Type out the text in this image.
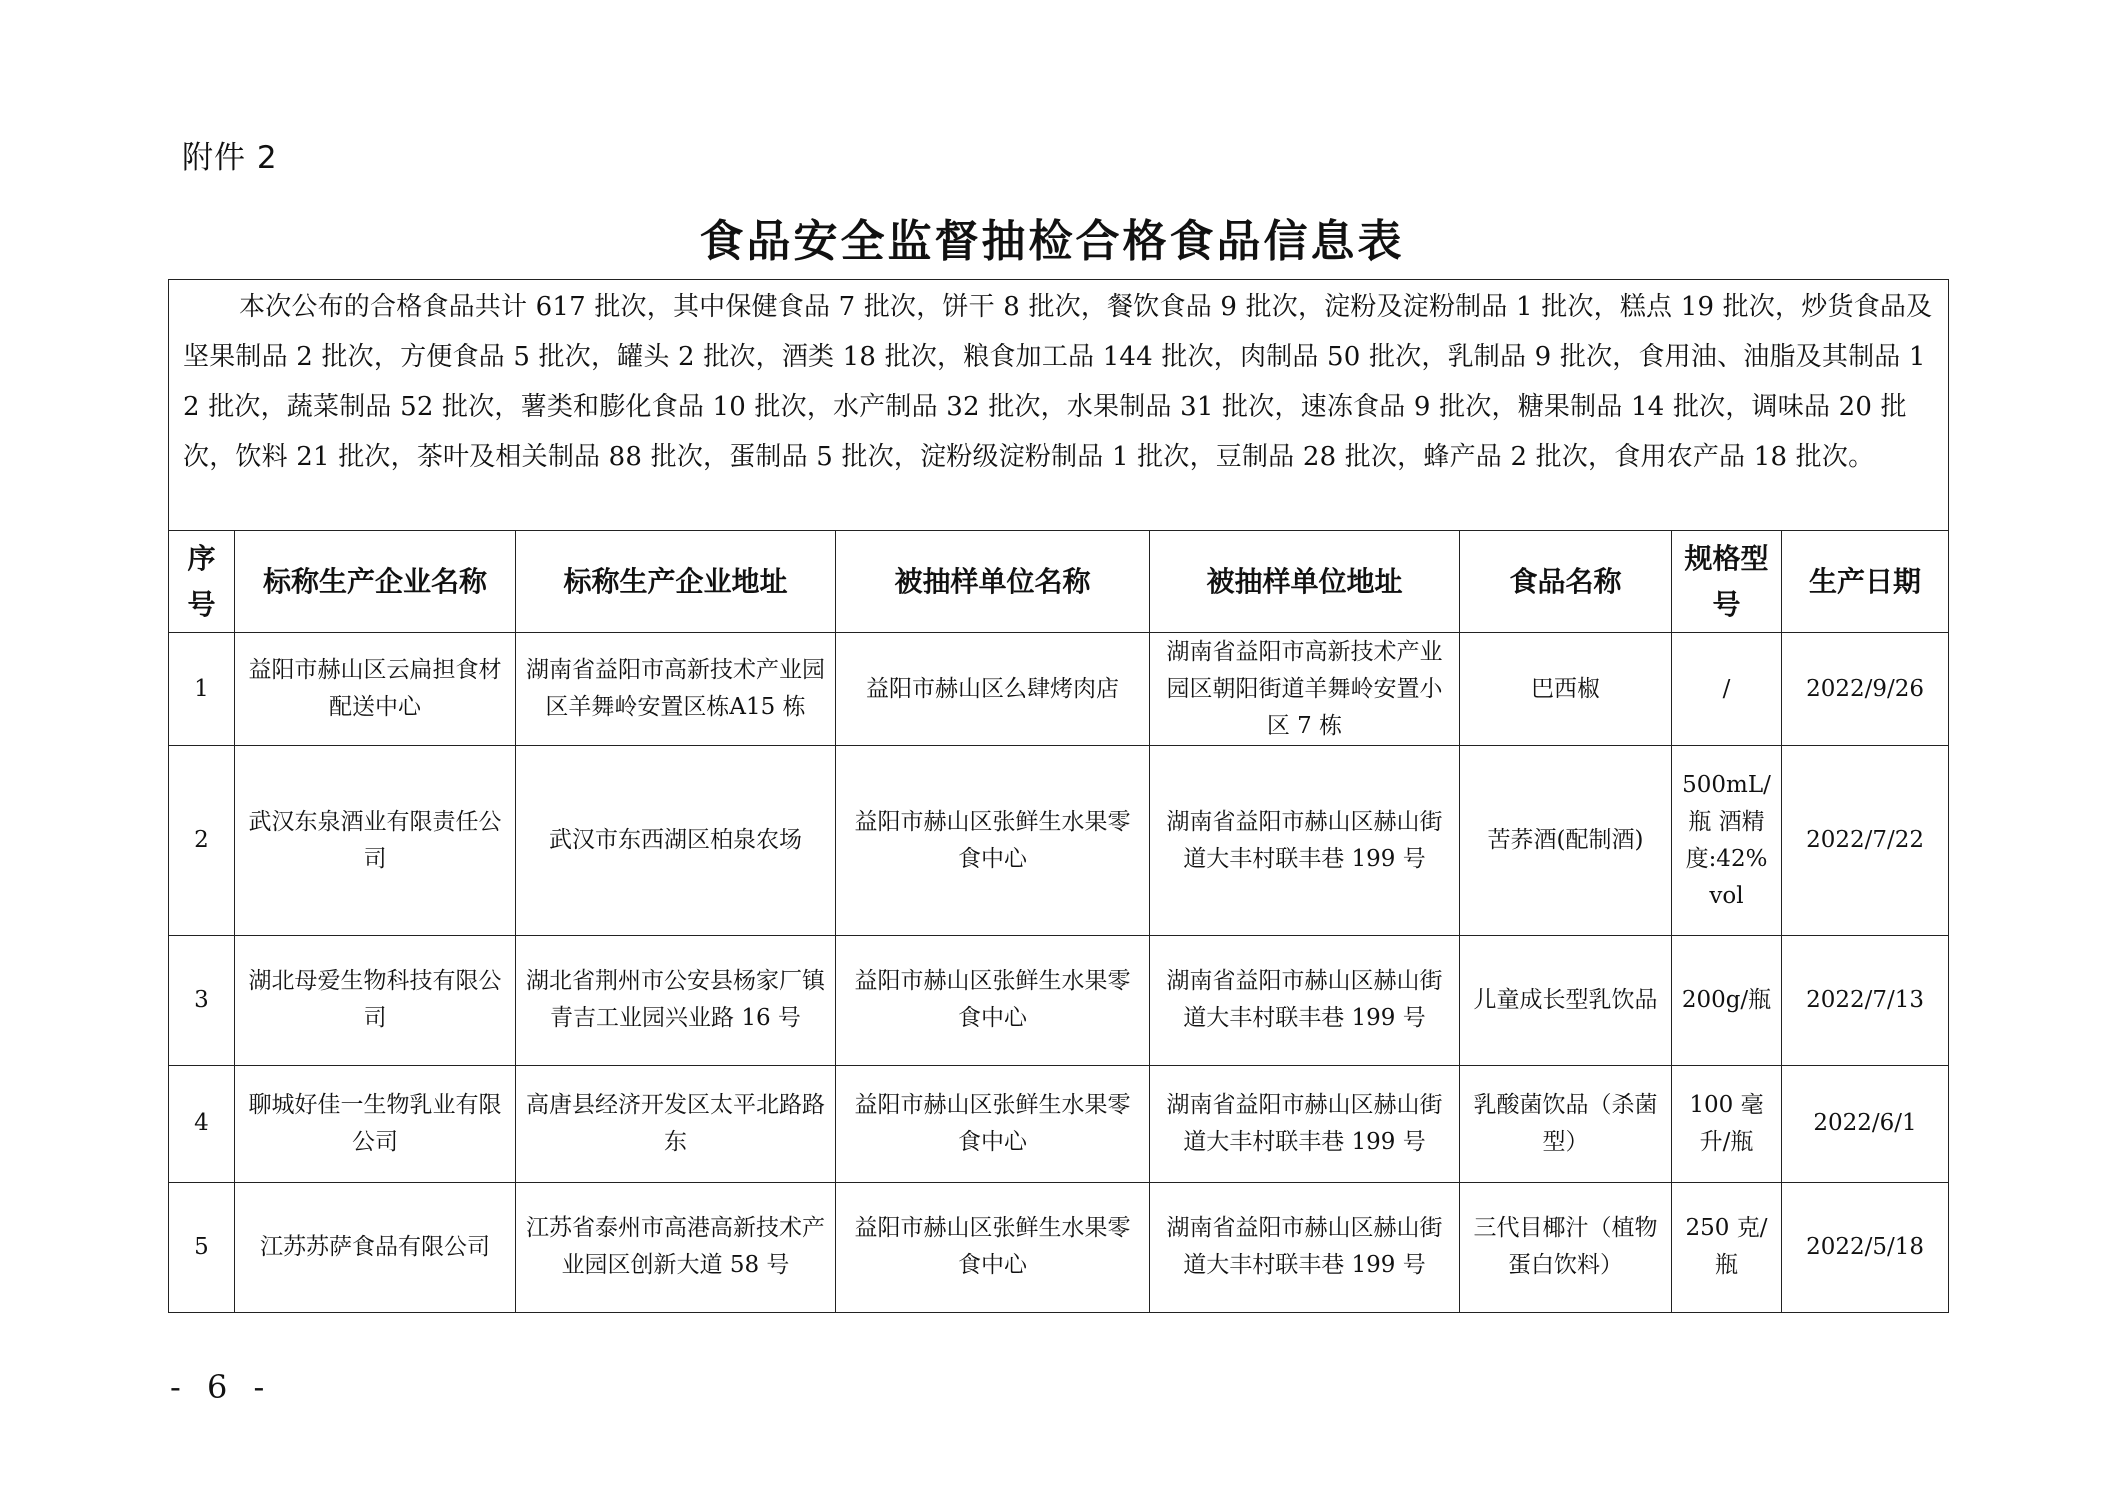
附件 2
食品安全监督抽检合格食品信息表
本次公布的合格食品共计 617 批次，其中保健食品 7 批次，饼干 8 批次，餐饮食品 9 批次，淀粉及淀粉制品 1 批次，糕点 19 批次，炒货食品及坚果制品 2 批次，方便食品 5 批次，罐头 2 批次，酒类 18 批次，粮食加工品 144 批次，肉制品 50 批次，乳制品 9 批次，食用油、油脂及其制品 12 批次，蔬菜制品 52 批次，薯类和膨化食品 10 批次，水产制品 32 批次，水果制品 31 批次，速冻食品 9 批次，糖果制品 14 批次，调味品 20 批次，饮料 21 批次，茶叶及相关制品 88 批次，蛋制品 5 批次，淀粉级淀粉制品 1 批次，豆制品 28 批次，蜂产品 2 批次，食用农产品 18 批次。							
序号	标称生产企业名称	标称生产企业地址	被抽样单位名称	被抽样单位地址	食品名称	规格型号	生产日期
1	益阳市赫山区云扁担食材配送中心	湖南省益阳市高新技术产业园区羊舞岭安置区栋A15 栋	益阳市赫山区么肆烤肉店	湖南省益阳市高新技术产业园区朝阳街道羊舞岭安置小区 7 栋	巴西椒	/	2022/9/26
2	武汉东泉酒业有限责任公司	武汉市东西湖区柏泉农场	益阳市赫山区张鲜生水果零食中心	湖南省益阳市赫山区赫山街道大丰村联丰巷 199 号	苦荞酒(配制酒)	500mL/瓶 酒精度:42%vol	2022/7/22
3	湖北母爱生物科技有限公司	湖北省荆州市公安县杨家厂镇青吉工业园兴业路 16 号	益阳市赫山区张鲜生水果零食中心	湖南省益阳市赫山区赫山街道大丰村联丰巷 199 号	儿童成长型乳饮品	200g/瓶	2022/7/13
4	聊城好佳一生物乳业有限公司	高唐县经济开发区太平北路路东	益阳市赫山区张鲜生水果零食中心	湖南省益阳市赫山区赫山街道大丰村联丰巷 199 号	乳酸菌饮品（杀菌型）	100 毫升/瓶	2022/6/1
5	江苏苏萨食品有限公司	江苏省泰州市高港高新技术产业园区创新大道 58 号	益阳市赫山区张鲜生水果零食中心	湖南省益阳市赫山区赫山街道大丰村联丰巷 199 号	三代目椰汁（植物蛋白饮料）	250 克/瓶	2022/5/18
- 6 -
